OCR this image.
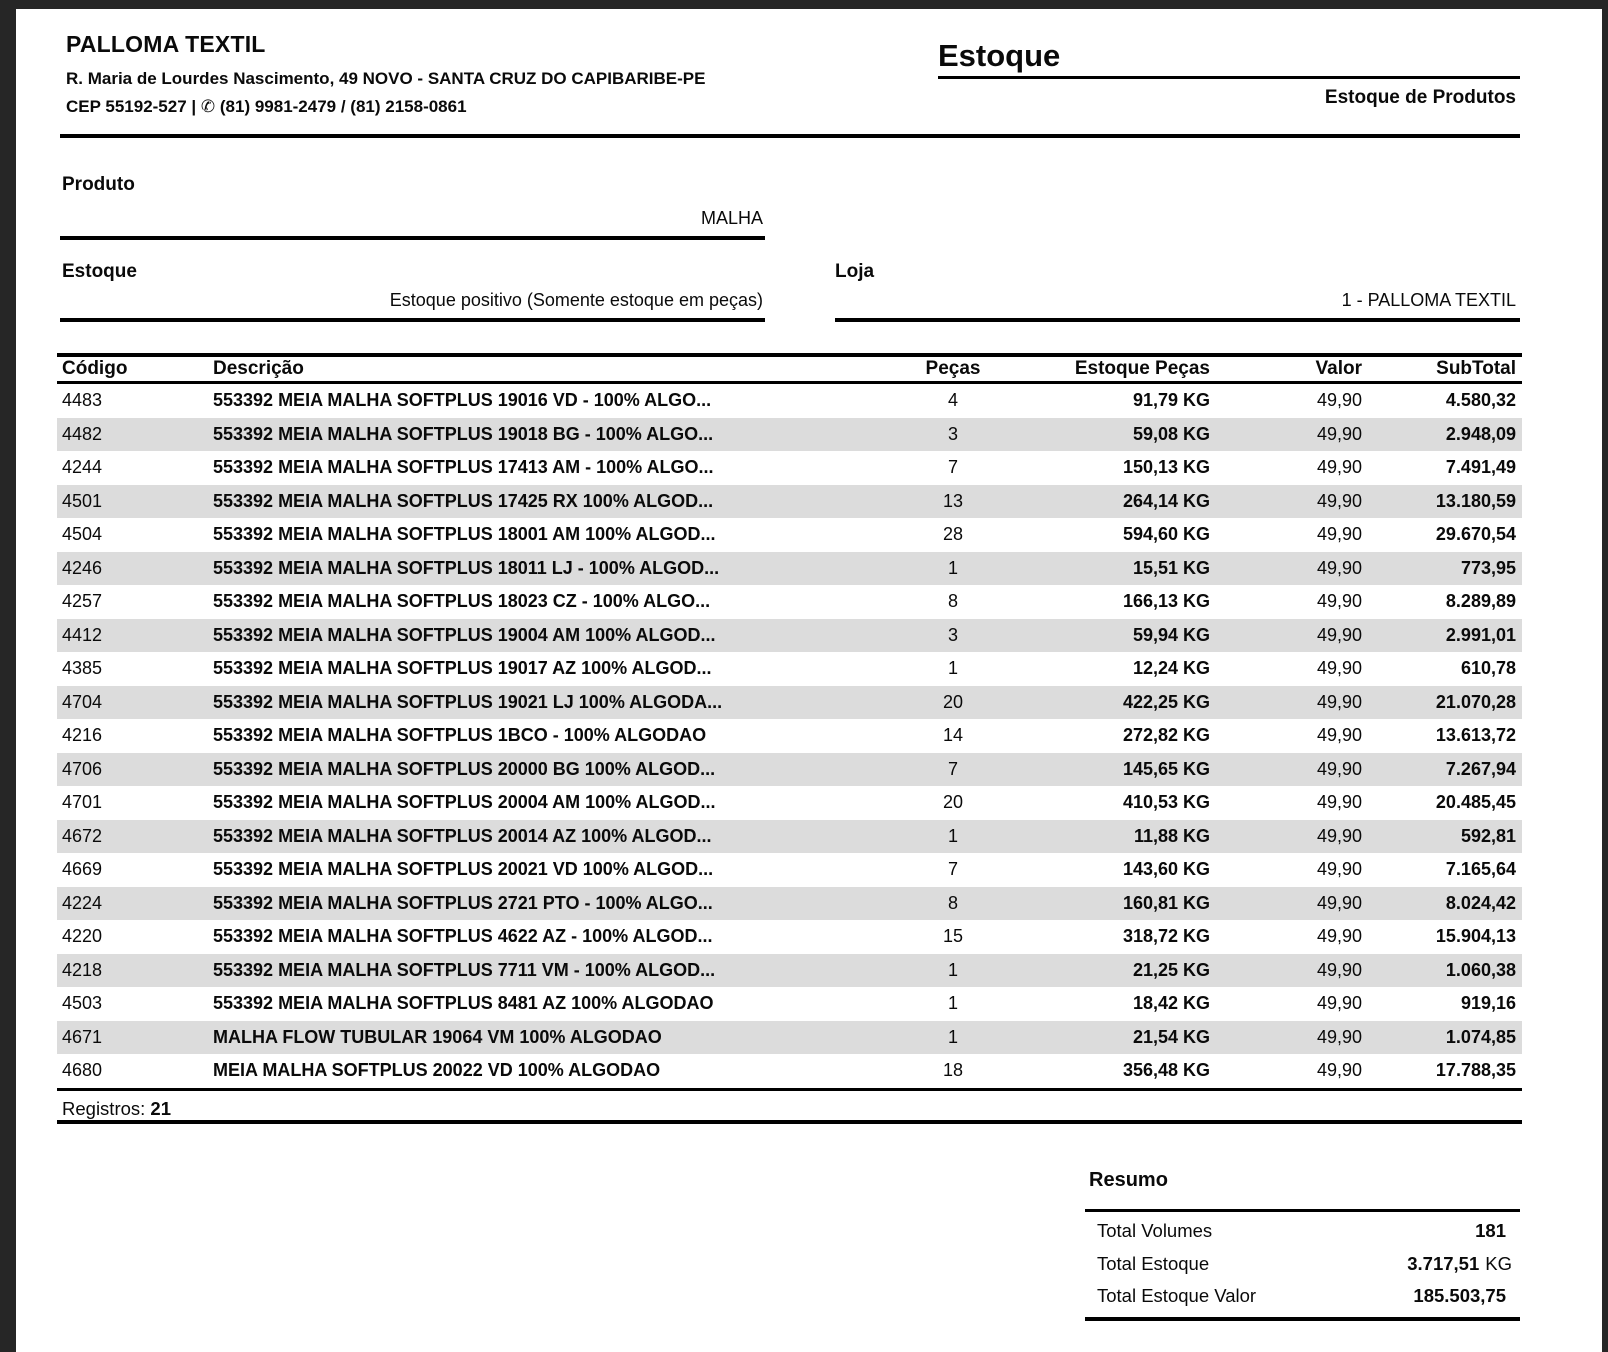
PALLOMA TEXTIL
R. Maria de Lourdes Nascimento, 49 NOVO - SANTA CRUZ DO CAPIBARIBE-PE
CEP 55192-527 | ✆ (81) 9981-2479 / (81) 2158-0861
Estoque
Estoque de Produtos
Produto
MALHA
Estoque
Estoque positivo (Somente estoque em peças)
Loja
1 - PALLOMA TEXTIL
Código	Descrição	Peças	Estoque Peças	Valor	SubTotal
4483	553392 MEIA MALHA SOFTPLUS 19016 VD - 100% ALGO...	4	91,79 KG	49,90	4.580,32
4482	553392 MEIA MALHA SOFTPLUS 19018 BG - 100% ALGO...	3	59,08 KG	49,90	2.948,09
4244	553392 MEIA MALHA SOFTPLUS 17413 AM - 100% ALGO...	7	150,13 KG	49,90	7.491,49
4501	553392 MEIA MALHA SOFTPLUS 17425 RX 100% ALGOD...	13	264,14 KG	49,90	13.180,59
4504	553392 MEIA MALHA SOFTPLUS 18001 AM 100% ALGOD...	28	594,60 KG	49,90	29.670,54
4246	553392 MEIA MALHA SOFTPLUS 18011 LJ - 100% ALGOD...	1	15,51 KG	49,90	773,95
4257	553392 MEIA MALHA SOFTPLUS 18023 CZ - 100% ALGO...	8	166,13 KG	49,90	8.289,89
4412	553392 MEIA MALHA SOFTPLUS 19004 AM 100% ALGOD...	3	59,94 KG	49,90	2.991,01
4385	553392 MEIA MALHA SOFTPLUS 19017 AZ 100% ALGOD...	1	12,24 KG	49,90	610,78
4704	553392 MEIA MALHA SOFTPLUS 19021 LJ 100% ALGODA...	20	422,25 KG	49,90	21.070,28
4216	553392 MEIA MALHA SOFTPLUS 1BCO - 100% ALGODAO	14	272,82 KG	49,90	13.613,72
4706	553392 MEIA MALHA SOFTPLUS 20000 BG 100% ALGOD...	7	145,65 KG	49,90	7.267,94
4701	553392 MEIA MALHA SOFTPLUS 20004 AM 100% ALGOD...	20	410,53 KG	49,90	20.485,45
4672	553392 MEIA MALHA SOFTPLUS 20014 AZ 100% ALGOD...	1	11,88 KG	49,90	592,81
4669	553392 MEIA MALHA SOFTPLUS 20021 VD 100% ALGOD...	7	143,60 KG	49,90	7.165,64
4224	553392 MEIA MALHA SOFTPLUS 2721 PTO - 100% ALGO...	8	160,81 KG	49,90	8.024,42
4220	553392 MEIA MALHA SOFTPLUS 4622 AZ - 100% ALGOD...	15	318,72 KG	49,90	15.904,13
4218	553392 MEIA MALHA SOFTPLUS 7711 VM - 100% ALGOD...	1	21,25 KG	49,90	1.060,38
4503	553392 MEIA MALHA SOFTPLUS 8481 AZ 100% ALGODAO	1	18,42 KG	49,90	919,16
4671	MALHA FLOW TUBULAR 19064 VM 100% ALGODAO	1	21,54 KG	49,90	1.074,85
4680	MEIA MALHA SOFTPLUS 20022 VD 100% ALGODAO	18	356,48 KG	49,90	17.788,35
Registros: 21
Resumo
Total Volumes	181
Total Estoque	3.717,51 KG
Total Estoque Valor	185.503,75
